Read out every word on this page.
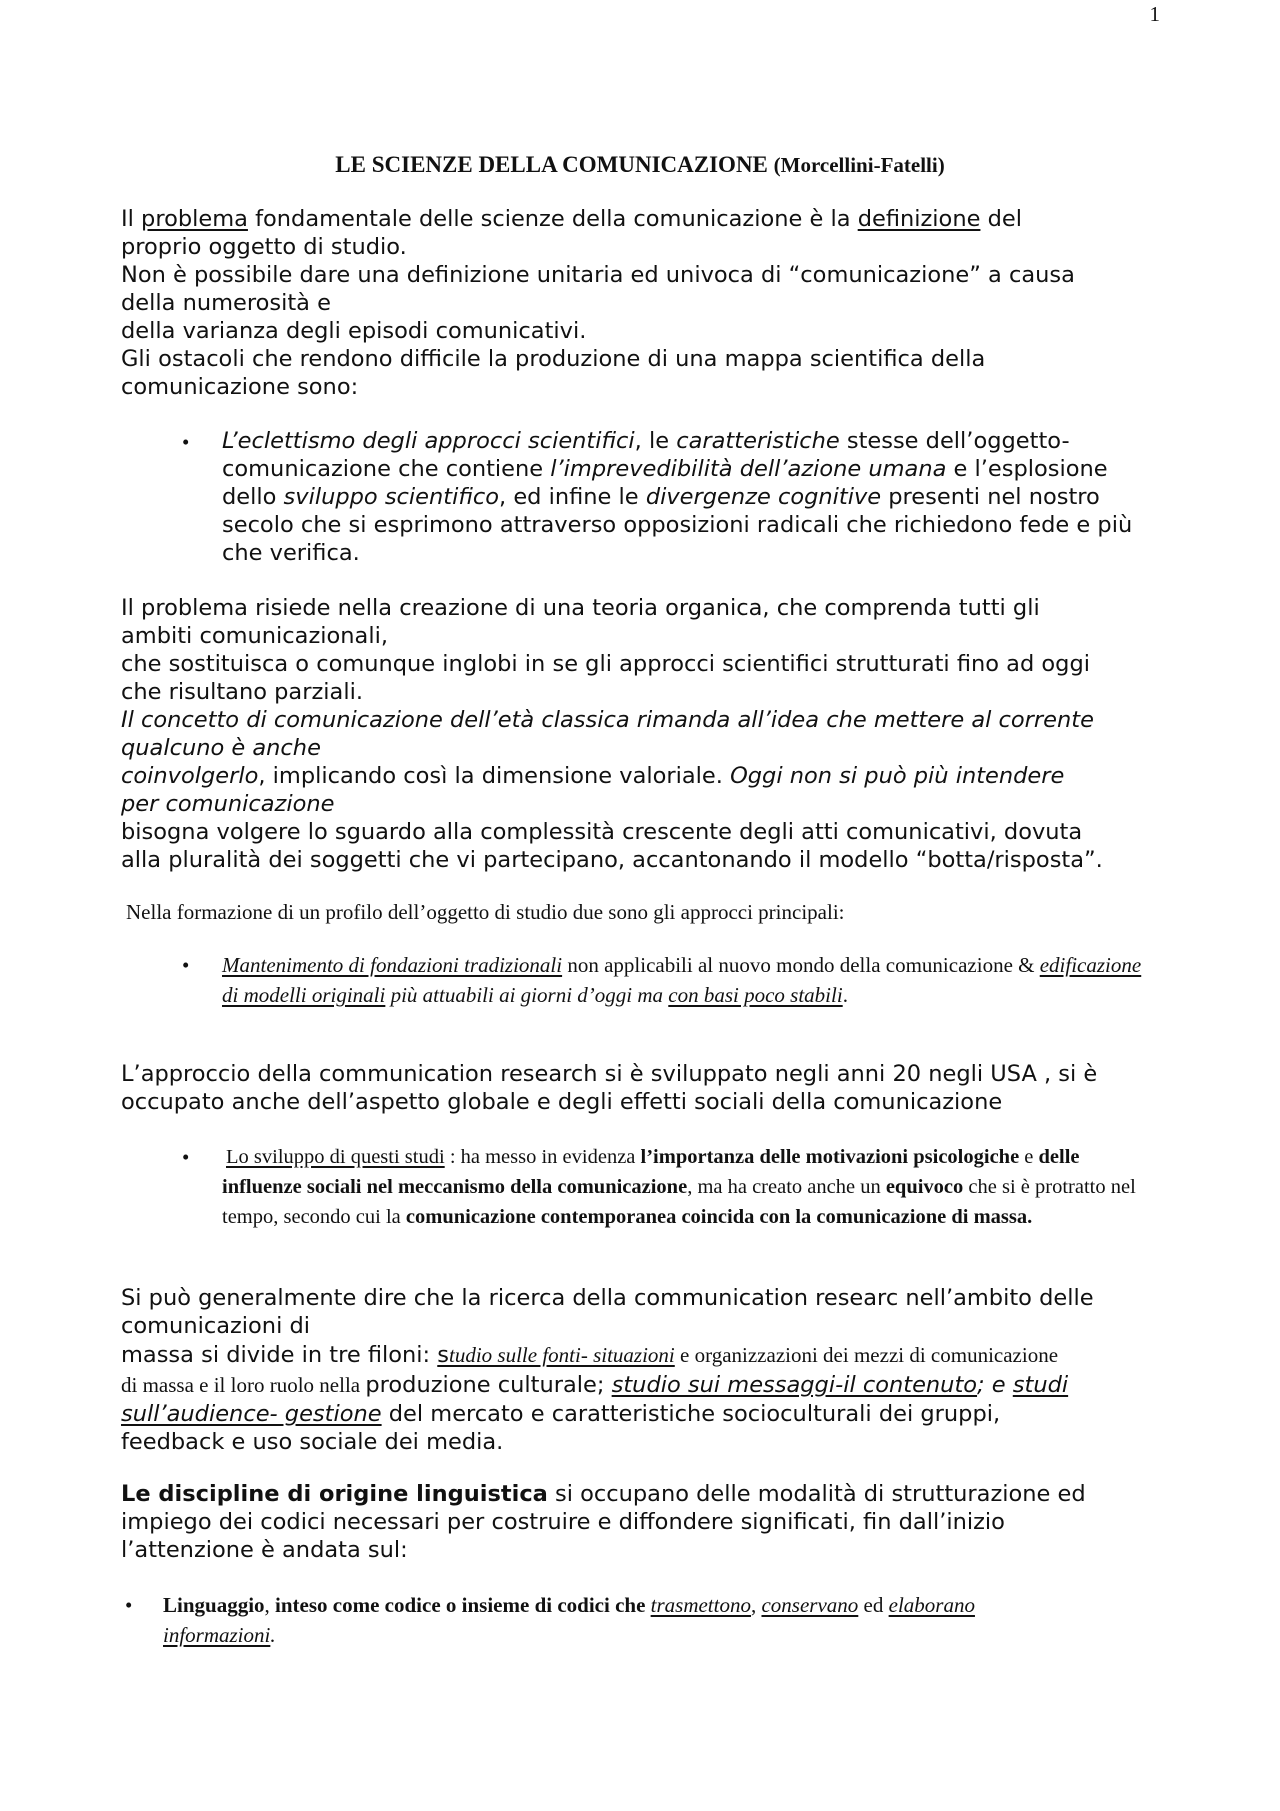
1
LE SCIENZE DELLA COMUNICAZIONE (Morcellini-Fatelli)
Il problema fondamentale delle scienze della comunicazione è la definizione del
proprio oggetto di studio.
Non è possibile dare una definizione unitaria ed univoca di “comunicazione” a causa
della numerosità e
della varianza degli episodi comunicativi.
Gli ostacoli che rendono difficile la produzione di una mappa scientifica della
comunicazione sono:
• L’eclettismo degli approcci scientifici, le caratteristiche stesse dell’oggetto-comunicazione che contiene l’imprevedibilità dell’azione umana e l’esplosione dello sviluppo scientifico, ed infine le divergenze cognitive presenti nel nostro secolo che si esprimono attraverso opposizioni radicali che richiedono fede e più che verifica.
Il problema risiede nella creazione di una teoria organica, che comprenda tutti gli
ambiti comunicazionali,
che sostituisca o comunque inglobi in se gli approcci scientifici strutturati fino ad oggi
che risultano parziali.
Il concetto di comunicazione dell’età classica rimanda all’idea che mettere al corrente
qualcuno è anche
coinvolgerlo, implicando così la dimensione valoriale. Oggi non si può più intendere
per comunicazione
bisogna volgere lo sguardo alla complessità crescente degli atti comunicativi, dovuta
alla pluralità dei soggetti che vi partecipano, accantonando il modello “botta/risposta”.
Nella formazione di un profilo dell’oggetto di studio due sono gli approcci principali:
• Mantenimento di fondazioni tradizionali non applicabili al nuovo mondo della comunicazione & edificazione di modelli originali più attuabili ai giorni d’oggi ma con basi poco stabili.
L’approccio della communication research si è sviluppato negli anni 20 negli USA , si è
occupato anche dell’aspetto globale e degli effetti sociali della comunicazione
• Lo sviluppo di questi studi : ha messo in evidenza l’importanza delle motivazioni psicologiche e delle influenze sociali nel meccanismo della comunicazione, ma ha creato anche un equivoco che si è protratto nel tempo, secondo cui la comunicazione contemporanea coincida con la comunicazione di massa.
Si può generalmente dire che la ricerca della communication researc nell’ambito delle
comunicazioni di
massa si divide in tre filoni: studio sulle fonti- situazioni e organizzazioni dei mezzi di comunicazione
di massa e il loro ruolo nella produzione culturale; studio sui messaggi-il contenuto; e studi
sull’audience- gestione del mercato e caratteristiche socioculturali dei gruppi,
feedback e uso sociale dei media.
Le discipline di origine linguistica si occupano delle modalità di strutturazione ed
impiego dei codici necessari per costruire e diffondere significati, fin dall’inizio
l’attenzione è andata sul:
• Linguaggio, inteso come codice o insieme di codici che trasmettono, conservano ed elaborano
informazioni.
